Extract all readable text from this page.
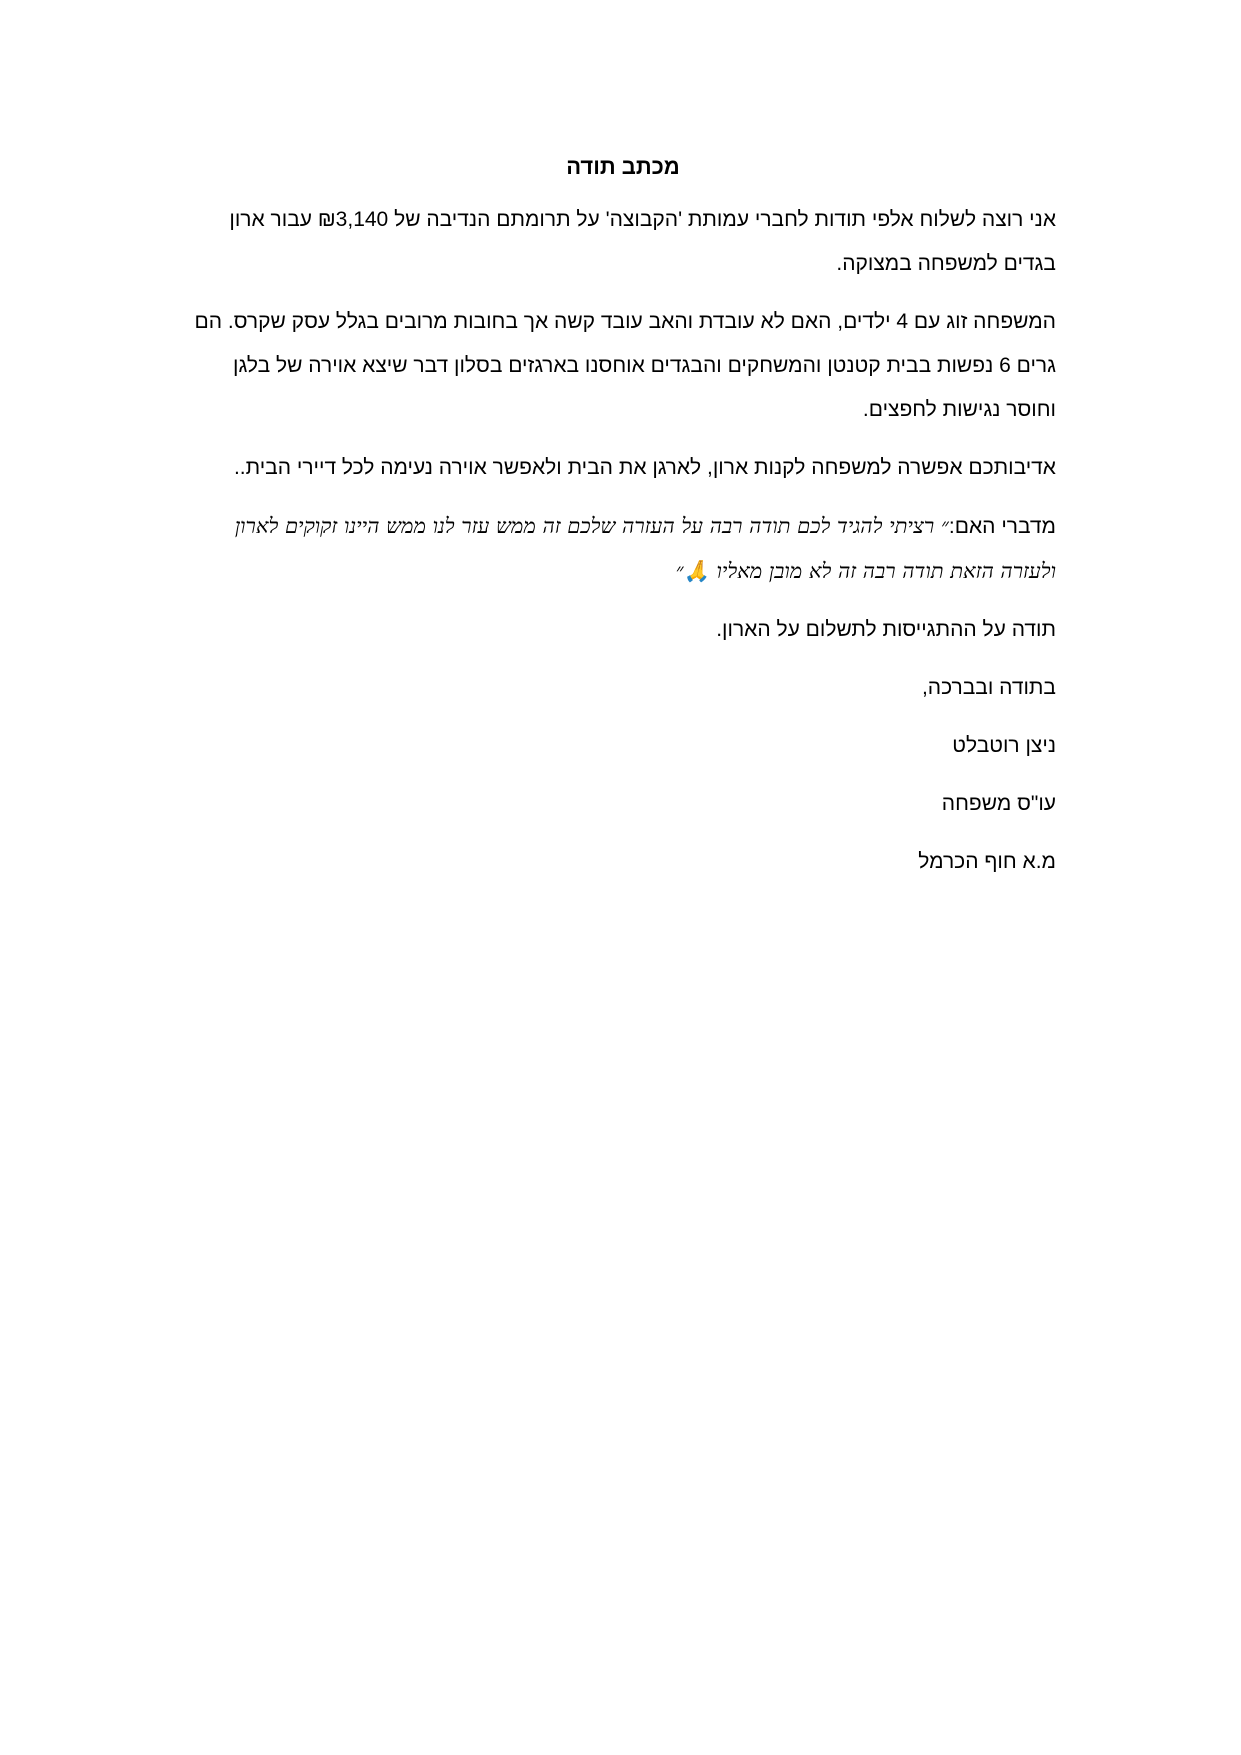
מכתב תודה

אני רוצה לשלוח אלפי תודות לחברי עמותת 'הקבוצה' על תרומתם הנדיבה של ₪3,140 עבור ארון בגדים למשפחה במצוקה.

המשפחה זוג עם 4 ילדים, האם לא עובדת והאב עובד קשה אך בחובות מרובים בגלל עסק שקרס. הם גרים 6 נפשות בבית קטנטן והמשחקים והבגדים אוחסנו בארגזים בסלון דבר שיצא אוירה של בלגן וחוסר נגישות לחפצים.

אדיבותכם אפשרה למשפחה לקנות ארון, לארגן את הבית ולאפשר אוירה נעימה לכל דיירי הבית..

מדברי האם:״ רציתי להגיד לכם תודה רבה על העזרה שלכם זה ממש עזר לנו ממש היינו זקוקים לארון ולעזרה הזאת תודה רבה זה לא מובן מאליו 🙏״

תודה על ההתגייסות לתשלום על הארון.

בתודה ובברכה,

ניצן רוטבלט

עו"ס משפחה

מ.א חוף הכרמל
